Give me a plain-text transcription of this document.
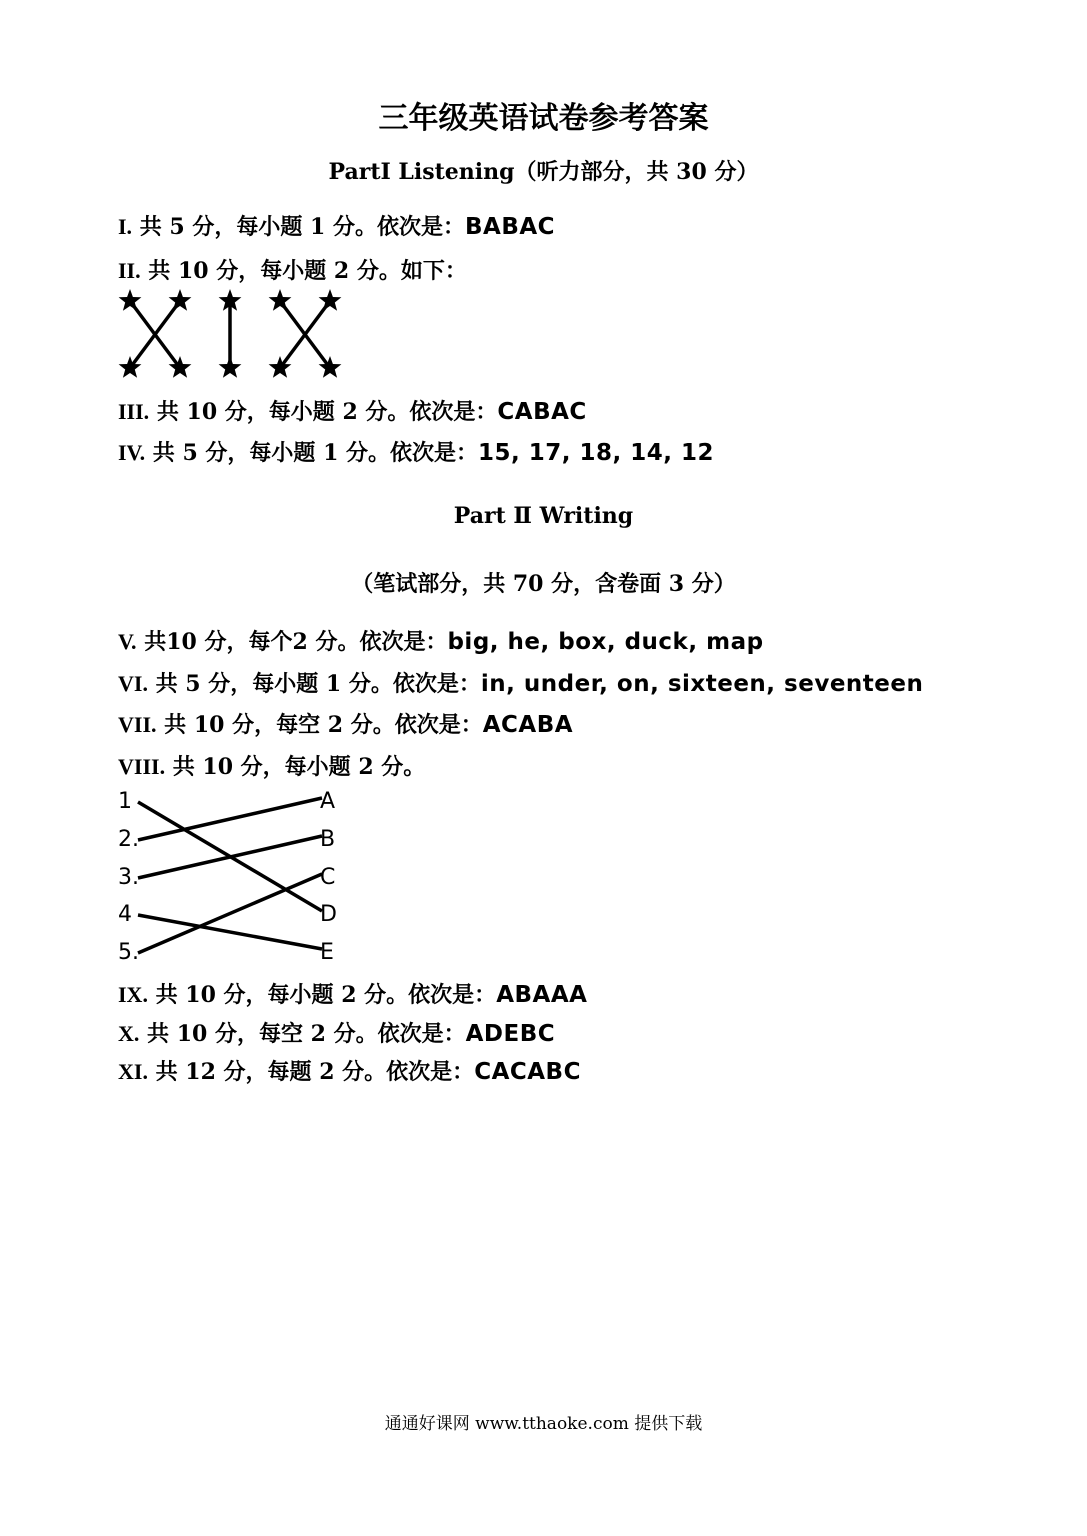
三年级英语试卷参考答案
PartⅠ Listening（听力部分，共 30 分）
I. 共 5 分，每小题 1 分。依次是：BABAC
II. 共 10 分，每小题 2 分。如下：
III. 共 10 分，每小题 2 分。依次是：CABAC
IV. 共 5 分，每小题 1 分。依次是：15, 17, 18, 14, 12
Part Ⅱ Writing
（笔试部分，共 70 分，含卷面 3 分）
V. 共10 分，每个2 分。依次是：big, he, box, duck, map
VI. 共 5 分，每小题 1 分。依次是：in, under, on, sixteen, seventeen
VII. 共 10 分，每空 2 分。依次是：ACABA
VIII. 共 10 分，每小题 2 分。
1
2.
3.
4
5.
A
B
C
D
E
IX. 共 10 分，每小题 2 分。依次是：ABAAA
X. 共 10 分，每空 2 分。依次是：ADEBC
XI. 共 12 分，每题 2 分。依次是：CACABC
通通好课网 www.tthaoke.com 提供下载
